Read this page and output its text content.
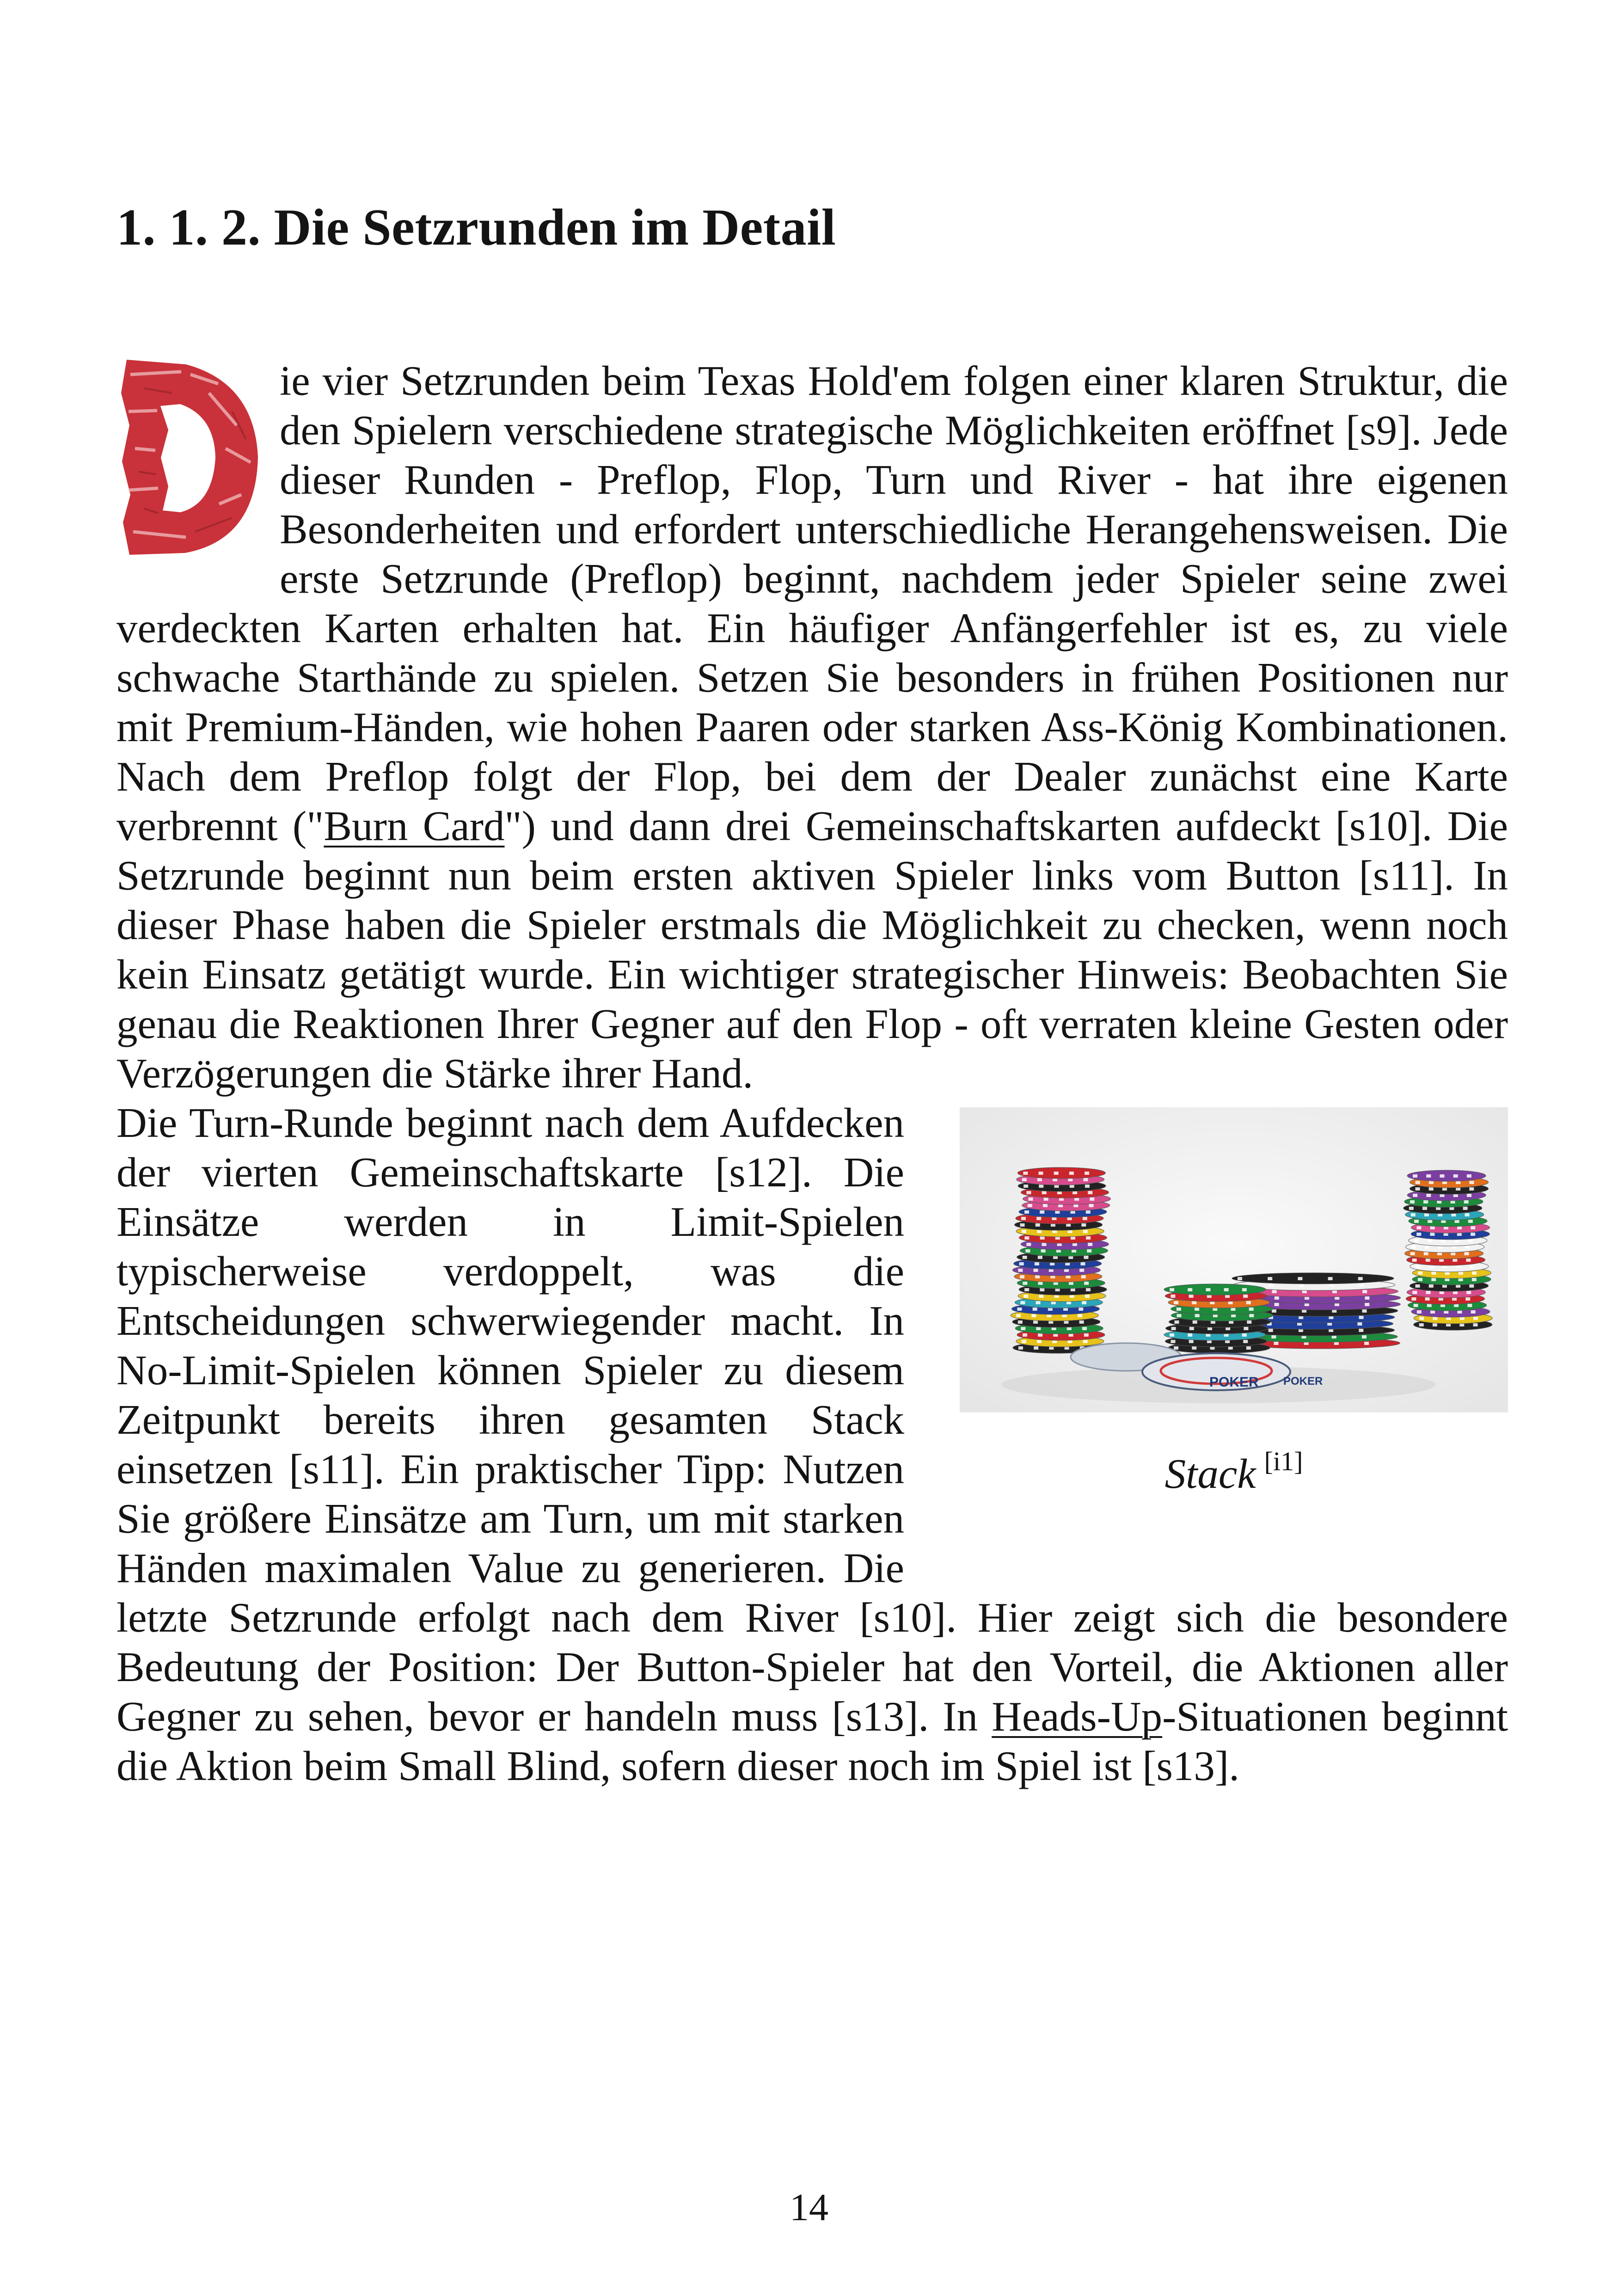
1. 1. 2. Die Setzrunden im Detail

ie vier Setzrunden beim Texas Hold'em folgen einer klaren Struktur, die den Spielern verschiedene strategische Möglichkeiten eröffnet [s9]. Jede dieser Runden - Preflop, Flop, Turn und River - hat ihre eigenen Besonderheiten und erfordert unterschiedliche Herangehensweisen. Die erste Setzrunde (Preflop) beginnt, nachdem jeder Spieler seine zwei verdeckten Karten erhalten hat. Ein häufiger Anfängerfehler ist es, zu viele schwache Starthände zu spielen. Setzen Sie besonders in frühen Positionen nur mit Premium-Händen, wie hohen Paaren oder starken Ass-König Kombinationen. Nach dem Preflop folgt der Flop, bei dem der Dealer zunächst eine Karte verbrennt ("Burn Card") und dann drei Gemeinschaftskarten aufdeckt [s10]. Die Setzrunde beginnt nun beim ersten aktiven Spieler links vom Button [s11]. In dieser Phase haben die Spieler erstmals die Möglichkeit zu checken, wenn noch kein Einsatz getätigt wurde. Ein wichtiger strategischer Hinweis: Beobachten Sie genau die Reaktionen Ihrer Gegner auf den Flop - oft verraten kleine Gesten oder Verzögerungen die Stärke ihrer Hand.

POKER POKER
Stack [i1]
Die Turn-Runde beginnt nach dem Aufdecken der vierten Gemeinschaftskarte [s12]. Die Einsätze werden in Limit-Spielen typischerweise verdoppelt, was die Entscheidungen schwerwiegender macht. In No-Limit-Spielen können Spieler zu diesem Zeitpunkt bereits ihren gesamten Stack einsetzen [s11]. Ein praktischer Tipp: Nutzen Sie größere Einsätze am Turn, um mit starken Händen maximalen Value zu generieren. Die letzte Setzrunde erfolgt nach dem River [s10]. Hier zeigt sich die besondere Bedeutung der Position: Der Button-Spieler hat den Vorteil, die Aktionen aller Gegner zu sehen, bevor er handeln muss [s13]. In Heads-Up-Situationen beginnt die Aktion beim Small Blind, sofern dieser noch im Spiel ist [s13].

14
